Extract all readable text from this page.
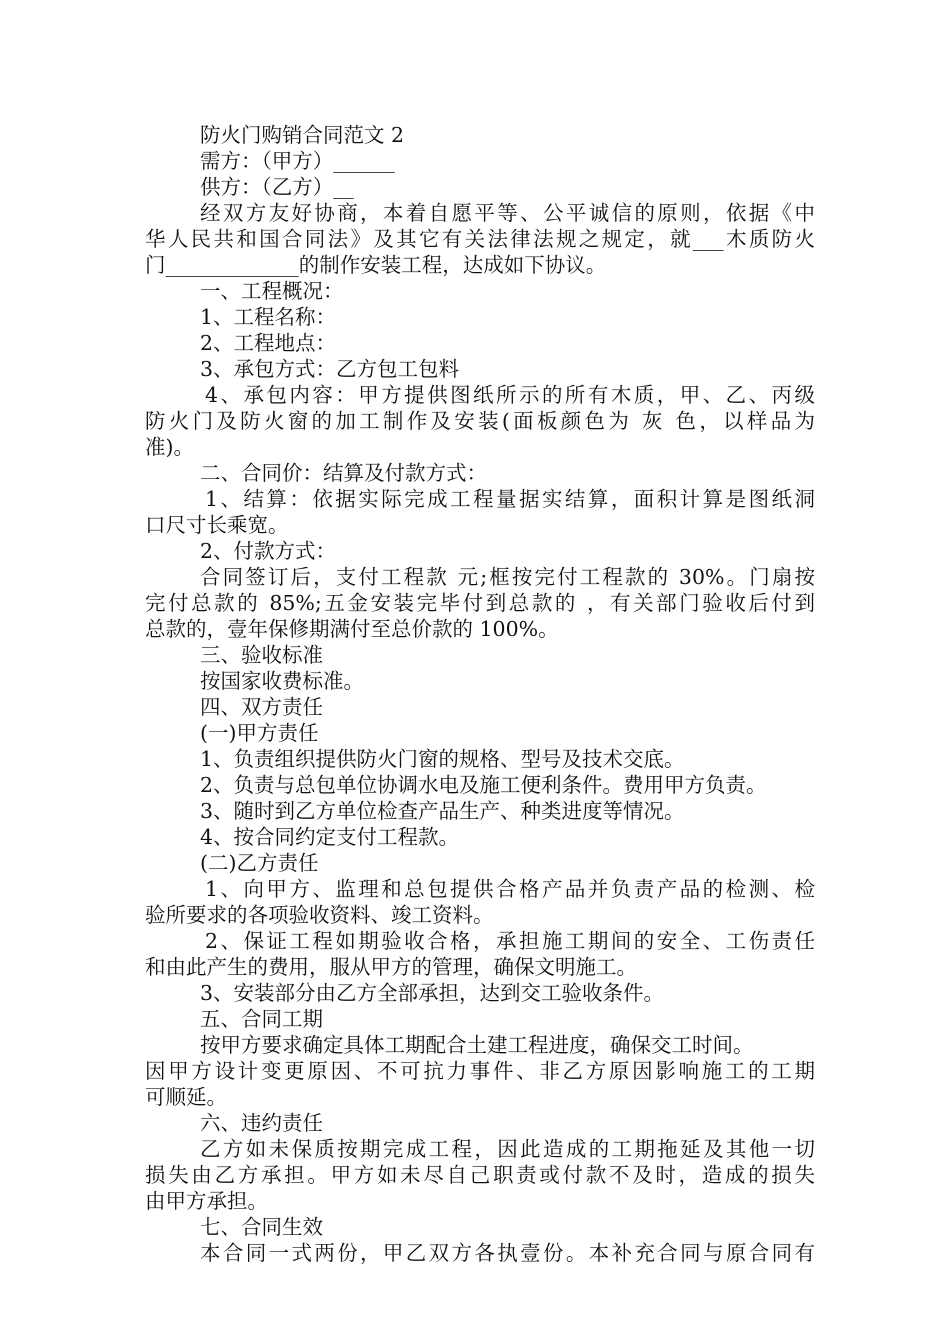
防火门购销合同范文 2
需方：（甲方）______
供方：（乙方）__
经双方友好协商，本着自愿平等、公平诚信的原则，依据《中
华人民共和国合同法》及其它有关法律法规之规定，就___木质防火
门_____________的制作安装工程，达成如下协议。
一、工程概况：
1、工程名称：
2、工程地点：
3、承包方式：乙方包工包料
4、承包内容：甲方提供图纸所示的所有木质，甲、乙、丙级
防火门及防火窗的加工制作及安装(面板颜色为 灰 色，以样品为
准)。
二、合同价：结算及付款方式：
1、结算：依据实际完成工程量据实结算，面积计算是图纸洞
口尺寸长乘宽。
2、付款方式：
合同签订后，支付工程款 元;框按完付工程款的 30%。门扇按
完付总款的 85%;五金安装完毕付到总款的 ，有关部门验收后付到
总款的，壹年保修期满付至总价款的 100%。
三、验收标准
按国家收费标准。
四、双方责任
(一)甲方责任
1、负责组织提供防火门窗的规格、型号及技术交底。
2、负责与总包单位协调水电及施工便利条件。费用甲方负责。
3、随时到乙方单位检查产品生产、种类进度等情况。
4、按合同约定支付工程款。
(二)乙方责任
1、向甲方、监理和总包提供合格产品并负责产品的检测、检
验所要求的各项验收资料、竣工资料。
2、保证工程如期验收合格，承担施工期间的安全、工伤责任
和由此产生的费用，服从甲方的管理，确保文明施工。
3、安装部分由乙方全部承担，达到交工验收条件。
五、合同工期
按甲方要求确定具体工期配合土建工程进度，确保交工时间。
因甲方设计变更原因、不可抗力事件、非乙方原因影响施工的工期
可顺延。
六、违约责任
乙方如未保质按期完成工程，因此造成的工期拖延及其他一切
损失由乙方承担。甲方如未尽自己职责或付款不及时，造成的损失
由甲方承担。
七、合同生效
本合同一式两份，甲乙双方各执壹份。本补充合同与原合同有
